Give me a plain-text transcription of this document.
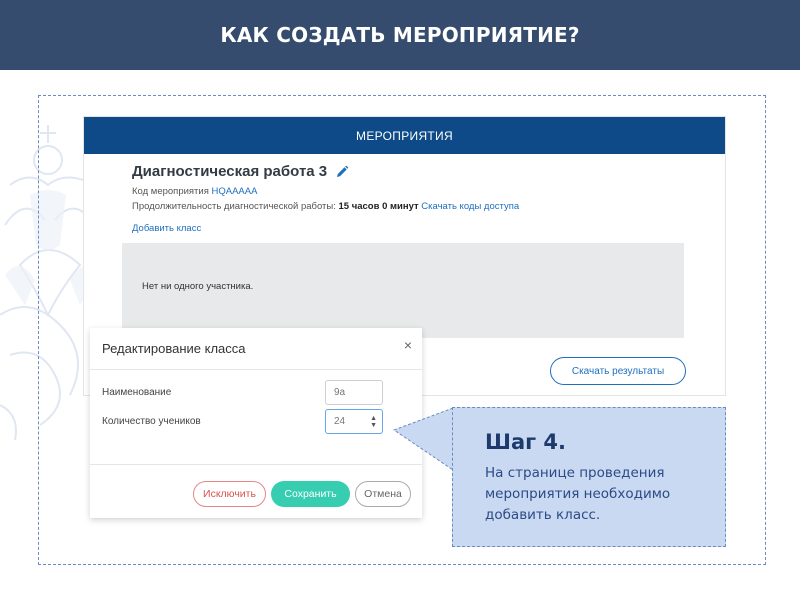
КАК СОЗДАТЬ МЕРОПРИЯТИЕ?
МЕРОПРИЯТИЯ
Диагностическая работа 3
Код мероприятия HQAAAAA
Продолжительность диагностической работы: 15 часов 0 минут Скачать коды доступа
Добавить класс
Нет ни одного участника.
Скачать результаты
Редактирование класса	×
Наименование	9а
Количество учеников	24	▲
▼
Исключить	Сохранить	Отмена
Шаг 4.
На странице проведения мероприятия необходимо добавить класс.
